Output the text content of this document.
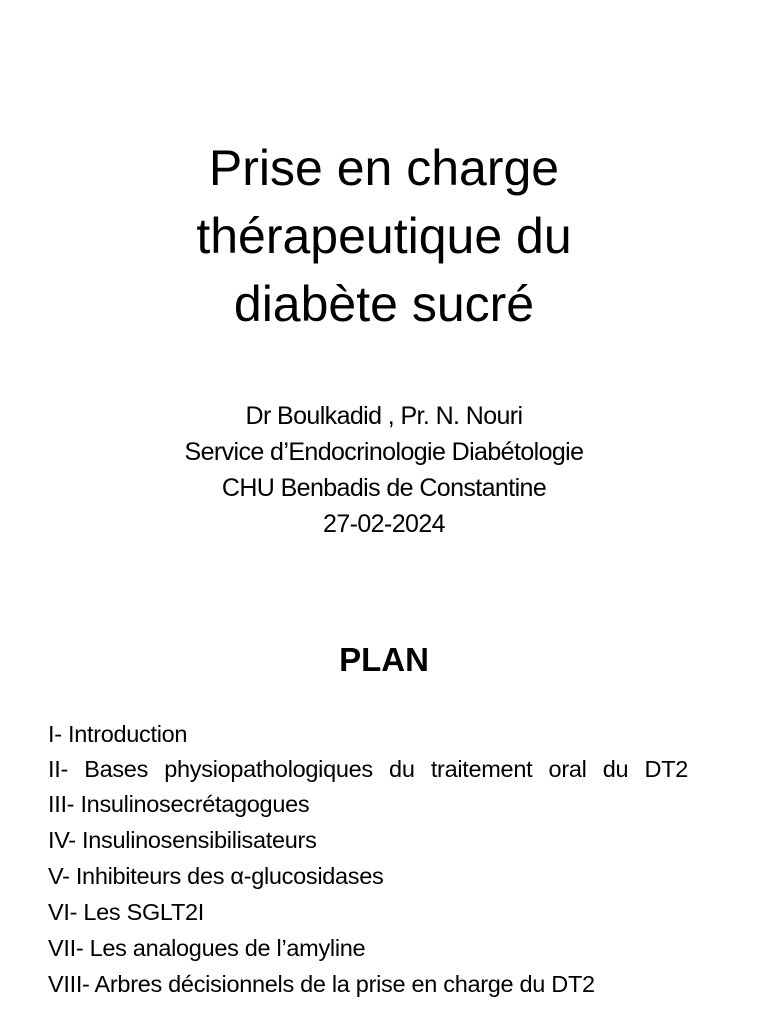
Prise en charge
thérapeutique du
diabète sucré
Dr Boulkadid , Pr. N. Nouri
Service d’Endocrinologie Diabétologie
CHU Benbadis de Constantine
27-02-2024
PLAN
I- Introduction
II- Bases physiopathologiques du traitement oral du DT2
III- Insulinosecrétagogues
IV- Insulinosensibilisateurs
V- Inhibiteurs des α-glucosidases
VI- Les SGLT2I
VII- Les analogues de l’amyline
VIII- Arbres décisionnels de la prise en charge du DT2
